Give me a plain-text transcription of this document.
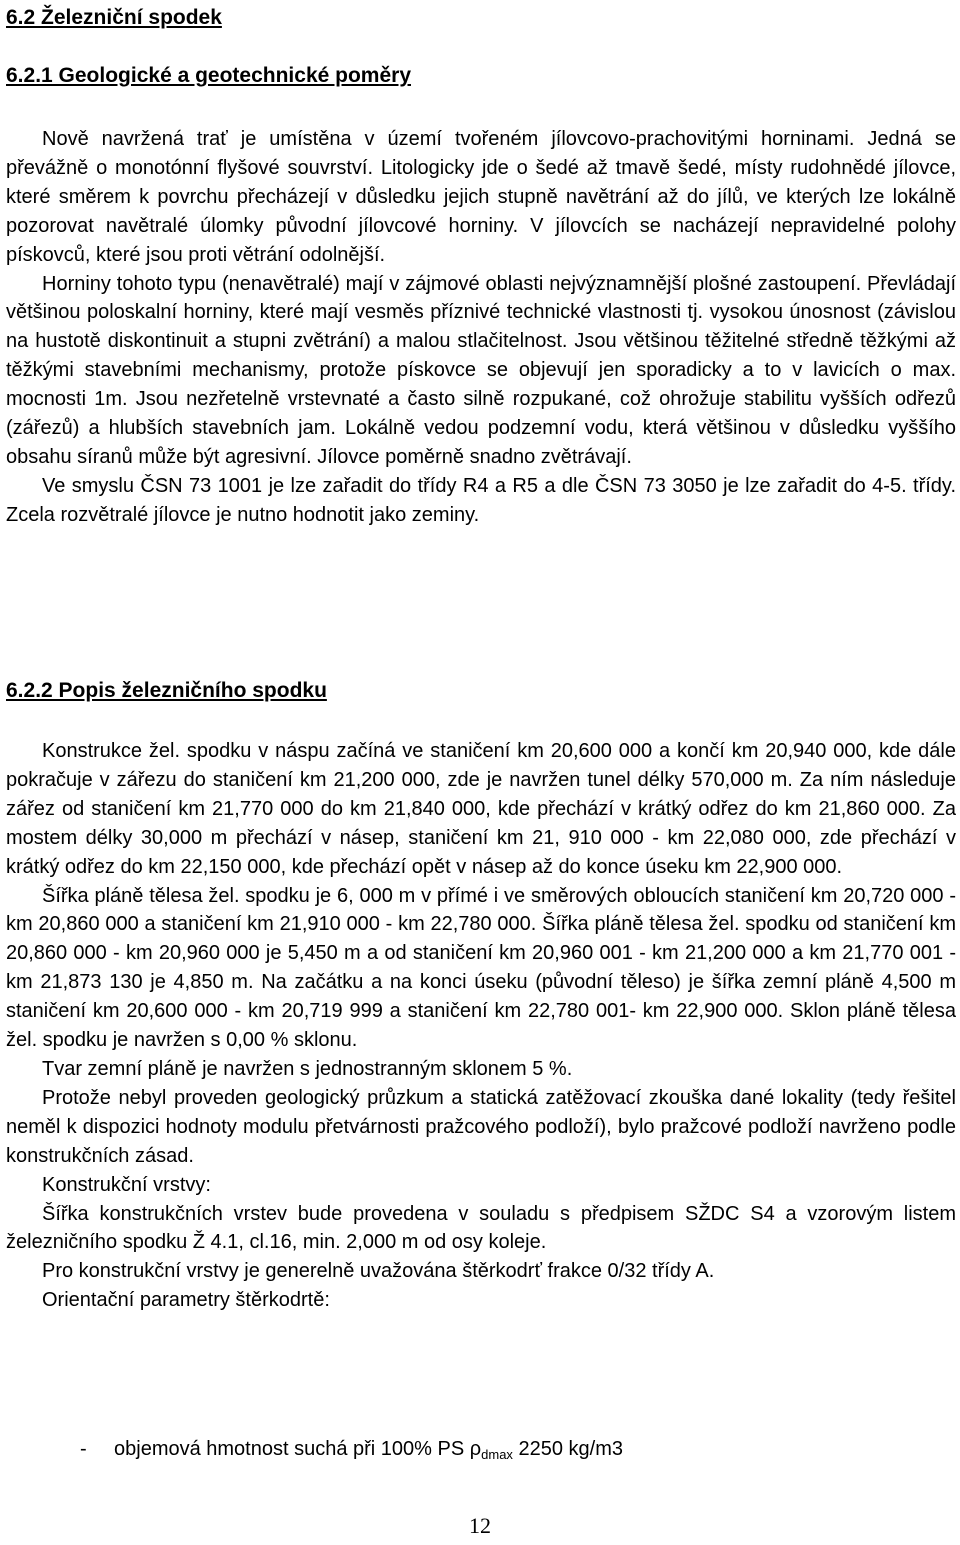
6.2 Železniční spodek
6.2.1 Geologické a geotechnické poměry

Nově navržená trať je umístěna v území tvořeném jílovcovo-prachovitými horninami. Jedná se převážně o monotónní flyšové souvrství. Litologicky jde o šedé až tmavě šedé, místy rudohnědé jílovce, které směrem k povrchu přecházejí v důsledku jejich stupně navětrání až do jílů, ve kterých lze lokálně pozorovat navětralé úlomky původní jílovcové horniny. V jílovcích se nacházejí nepravidelné polohy pískovců, které jsou proti větrání odolnější.

Horniny tohoto typu (nenavětralé) mají v zájmové oblasti nejvýznamnější plošné zastoupení. Převládají většinou poloskalní horniny, které mají vesměs příznivé technické vlastnosti tj. vysokou únosnost (závislou na hustotě diskontinuit a stupni zvětrání) a malou stlačitelnost. Jsou většinou těžitelné středně těžkými až těžkými stavebními mechanismy, protože pískovce se objevují jen sporadicky a to v lavicích o max. mocnosti 1m. Jsou nezřetelně vrstevnaté a často silně rozpukané, což ohrožuje stabilitu vyšších odřezů (zářezů) a hlubších stavebních jam. Lokálně vedou podzemní vodu, která většinou v důsledku vyššího obsahu síranů může být agresivní. Jílovce poměrně snadno zvětrávají.

Ve smyslu ČSN 73 1001 je lze zařadit do třídy R4 a R5 a dle ČSN 73 3050 je lze zařadit do 4-5. třídy. Zcela rozvětralé jílovce je nutno hodnotit jako zeminy.

6.2.2 Popis železničního spodku

Konstrukce žel. spodku v náspu začíná ve staničení km 20,600 000 a končí km 20,940 000, kde dále pokračuje v zářezu do staničení km 21,200 000, zde je navržen tunel délky 570,000 m. Za ním následuje zářez od staničení km 21,770 000 do km 21,840 000, kde přechází v krátký odřez do km 21,860 000. Za mostem délky 30,000 m přechází v násep, staničení km 21, 910 000 - km 22,080 000, zde přechází v krátký odřez do km 22,150 000, kde přechází opět v násep až do konce úseku km 22,900 000.

Šířka pláně tělesa žel. spodku je 6, 000 m v přímé i ve směrových obloucích staničení km 20,720 000 - km 20,860 000 a staničení km 21,910 000 - km 22,780 000. Šířka pláně tělesa žel. spodku od staničení km 20,860 000 - km 20,960 000 je 5,450 m a od staničení km 20,960 001 - km 21,200 000 a km 21,770 001 - km 21,873 130 je 4,850 m. Na začátku a na konci úseku (původní těleso) je šířka zemní pláně 4,500 m staničení km 20,600 000 - km 20,719 999 a staničení km 22,780 001- km 22,900 000. Sklon pláně tělesa žel. spodku je navržen s 0,00 % sklonu.

Tvar zemní pláně je navržen s jednostranným sklonem 5 %.

Protože nebyl proveden geologický průzkum a statická zatěžovací zkouška dané lokality (tedy řešitel neměl k dispozici hodnoty modulu přetvárnosti pražcového podloží), bylo pražcové podloží navrženo podle konstrukčních zásad.

Konstrukční vrstvy:

Šířka konstrukčních vrstev bude provedena v souladu s předpisem SŽDC S4 a vzorovým listem železničního spodku Ž 4.1, cl.16, min. 2,000 m od osy koleje.

Pro konstrukční vrstvy je generelně uvažována štěrkodrť frakce 0/32 třídy A.

Orientační parametry štěrkodrtě:

- objemová hmotnost suchá při 100% PS $\rho_{dmax}$ 2250 kg/m3
12
